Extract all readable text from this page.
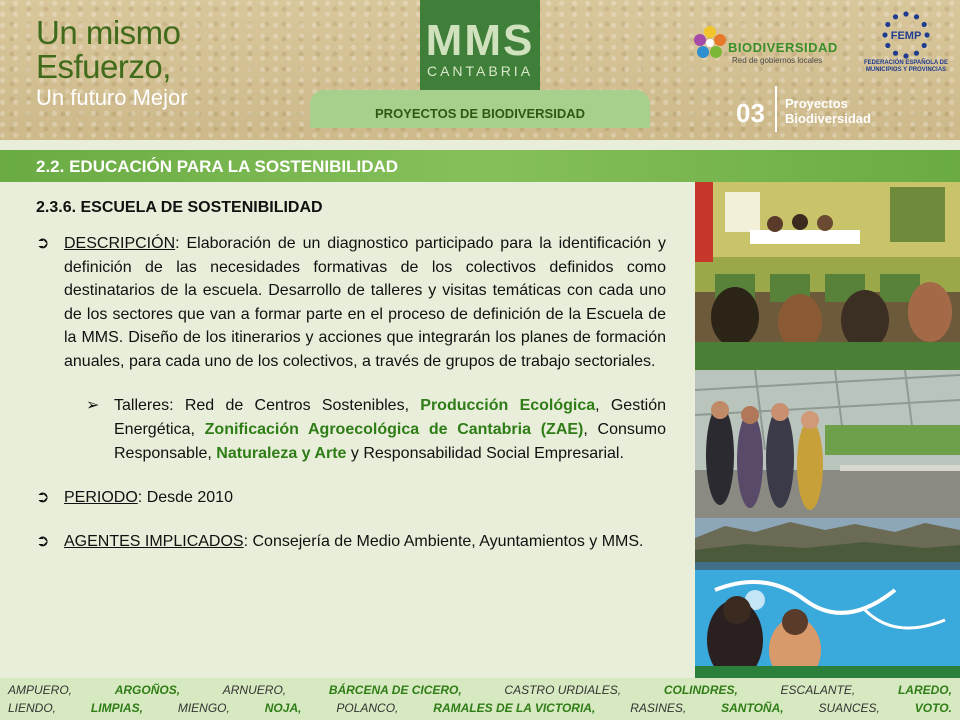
Un mismo
Esfuerzo,
Un futuro Mejor
MMS
CANTABRIA
PROYECTOS DE BIODIVERSIDAD
BIODIVERSIDAD
Red de gobiernos locales
FEMP
FEDERACIÓN ESPAÑOLA DE
MUNICIPIOS Y PROVINCIAS
03 Proyectos
Biodiversidad
2.2. EDUCACIÓN PARA LA SOSTENIBILIDAD
2.3.6. ESCUELA DE SOSTENIBILIDAD
➲ DESCRIPCIÓN: Elaboración de un diagnostico participado para la identificación y definición de las necesidades formativas de los colectivos definidos como destinatarios de la escuela. Desarrollo de talleres y visitas temáticas con cada uno de los sectores que van a formar parte en el proceso de definición de la Escuela de la MMS. Diseño de los itinerarios y acciones que integrarán los planes de formación anuales, para cada uno de los colectivos, a través de grupos de trabajo sectoriales.
➢ Talleres: Red de Centros Sostenibles, Producción Ecológica, Gestión Energética, Zonificación Agroecológica de Cantabria (ZAE), Consumo Responsable, Naturaleza y Arte y Responsabilidad Social Empresarial.
➲ PERIODO: Desde 2010
➲ AGENTES IMPLICADOS: Consejería de Medio Ambiente, Ayuntamientos y MMS.
AMPUERO,	ARGOÑOS,	ARNUERO,	BÁRCENA DE CICERO,	CASTRO URDIALES,	COLINDRES,	ESCALANTE,	LAREDO,
LIENDO,	LIMPIAS,	MIENGO,	NOJA,	POLANCO,	RAMALES DE LA VICTORIA,	RASINES,	SANTOÑA,	SUANCES,	VOTO.
